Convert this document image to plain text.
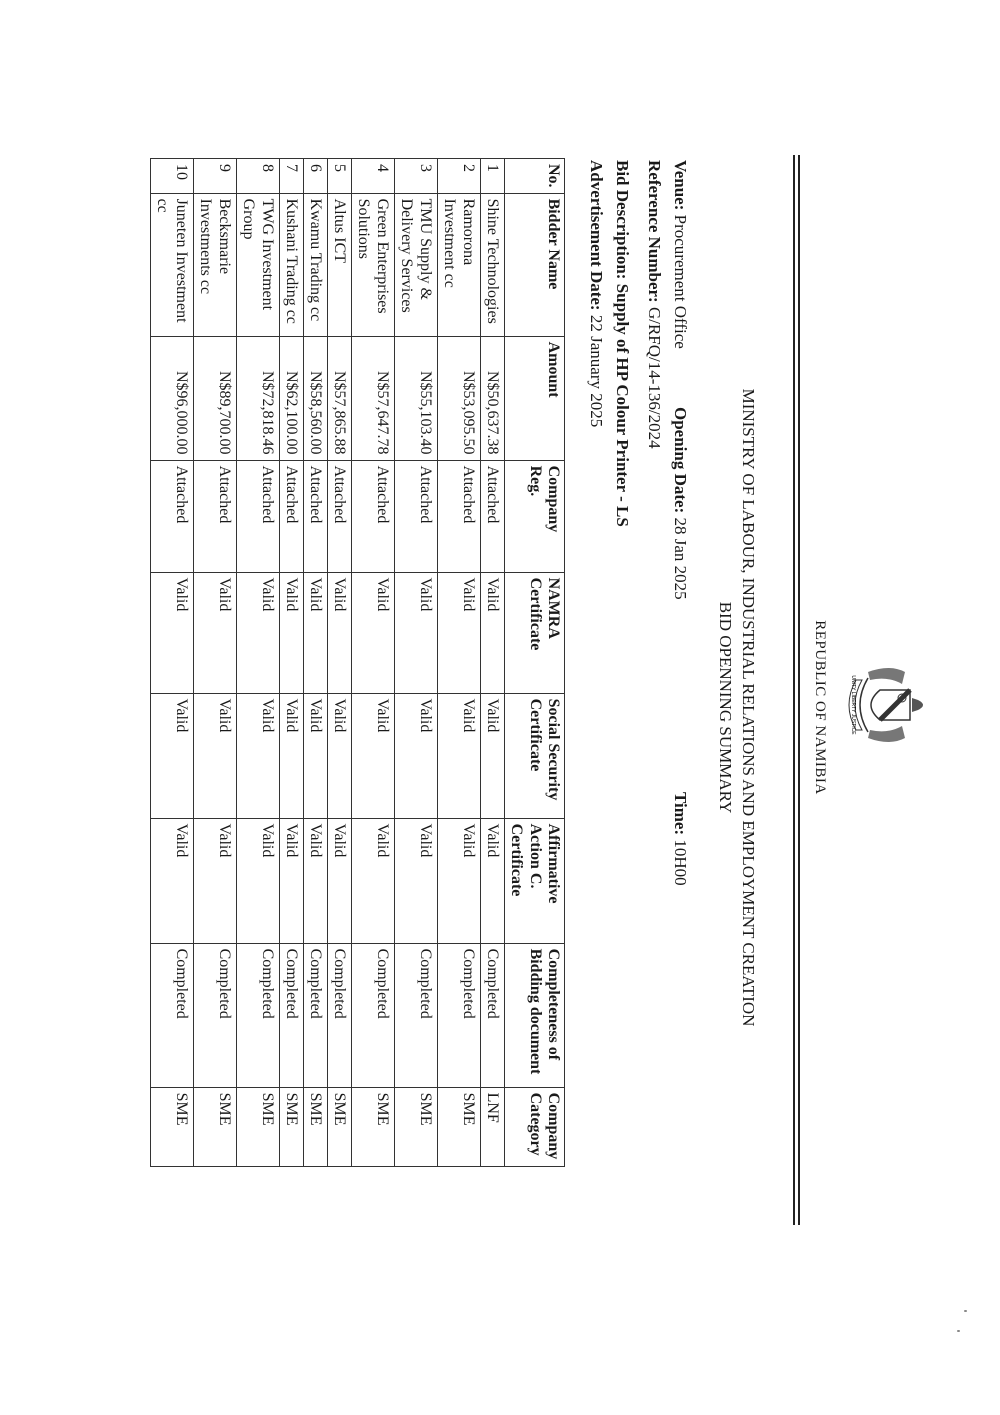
UNITY LIBERTY JUSTICE
REPUBLIC OF NAMIBIA
MINISTRY OF LABOUR, INDUSTRIAL RELATIONS AND EMPLOYMENT CREATION
BID OPENNING SUMMARY
Venue: Procurement Office
Opening Date: 28 Jan 2025
Time: 10H00
Reference Number: G/RFQ/14-136/2024
Bid Description: Supply of HP Colour Printer - LS
Advertisement Date: 22 January 2025
No.	Bidder Name	Amount	Company Reg.	NAMRA Certificate	Social Security Certificate	Affirmative Action C. Certificate	Completeness of Bidding document	Company Category
1	Shine Technologies	N$50,637.38	Attached	Valid	Valid	Valid	Completed	LNF
2	Ramorona Investment cc	N$53,095.50	Attached	Valid	Valid	Valid	Completed	SME
3	TMU Supply & Delivery Services	N$55,103.40	Attached	Valid	Valid	Valid	Completed	SME
4	Green Enterprises Solutions	N$57,647.78	Attached	Valid	Valid	Valid	Completed	SME
5	Altus ICT	N$57,865.88	Attached	Valid	Valid	Valid	Completed	SME
6	Kwamu Trading cc	N$58,560.00	Attached	Valid	Valid	Valid	Completed	SME
7	Kushani Trading cc	N$62,100.00	Attached	Valid	Valid	Valid	Completed	SME
8	TWG Investment Group	N$72,818.46	Attached	Valid	Valid	Valid	Completed	SME
9	Becksmarie Investments cc	N$89,700.00	Attached	Valid	Valid	Valid	Completed	SME
10	Juneten Investment cc	N$96,000.00	Attached	Valid	Valid	Valid	Completed	SME
